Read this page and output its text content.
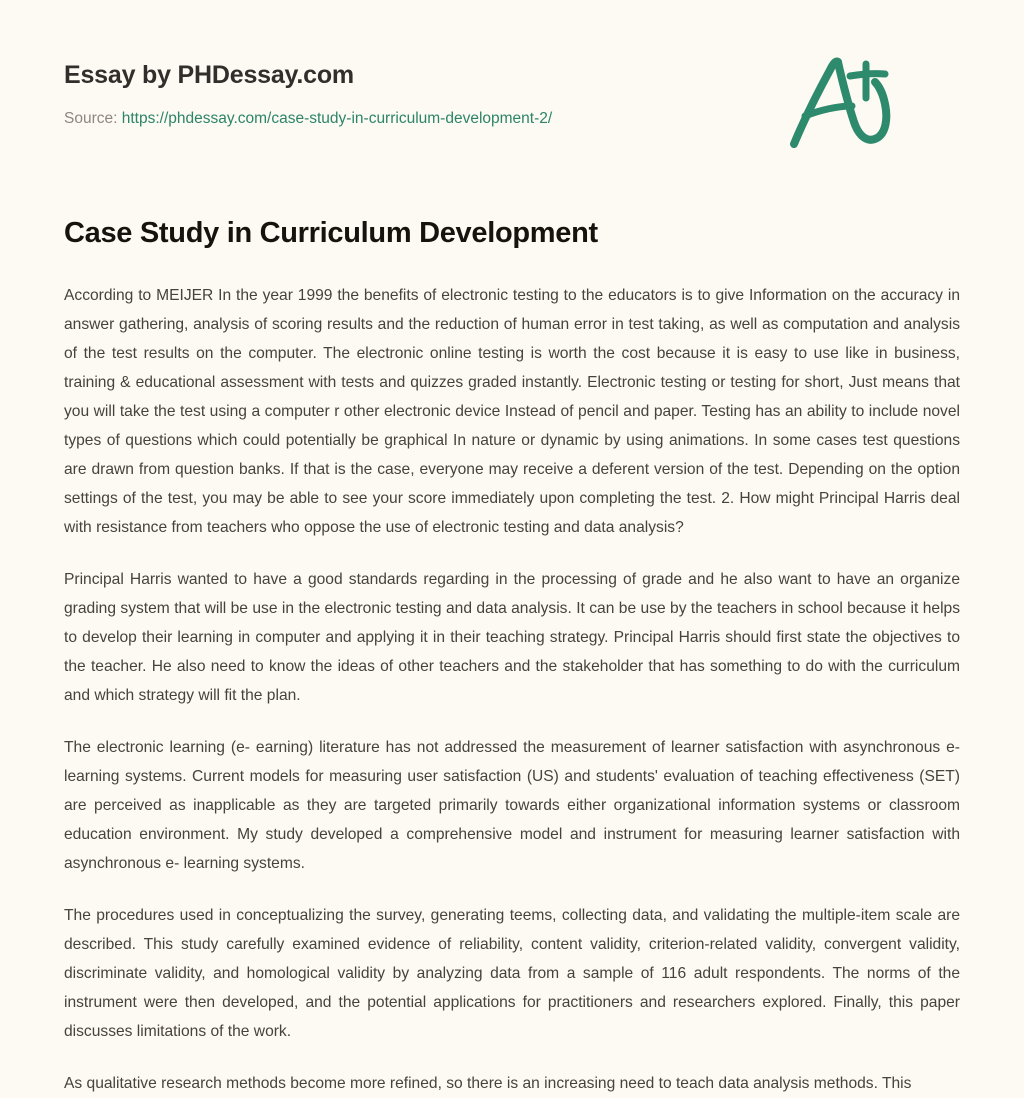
Essay by PHDessay.com
Source: https://phdessay.com/case-study-in-curriculum-development-2/
Case Study in Curriculum Development

According to MEIJER In the year 1999 the benefits of electronic testing to the educators is to give Information on the accuracy in answer gathering, analysis of scoring results and the reduction of human error in test taking, as well as computation and analysis of the test results on the computer. The electronic online testing is worth the cost because it is easy to use like in business, training & educational assessment with tests and quizzes graded instantly. Electronic testing or testing for short, Just means that you will take the test using a computer r other electronic device Instead of pencil and paper. Testing has an ability to include novel types of questions which could potentially be graphical In nature or dynamic by using animations. In some cases test questions are drawn from question banks. If that is the case, everyone may receive a deferent version of the test. Depending on the option settings of the test, you may be able to see your score immediately upon completing the test. 2. How might Principal Harris deal with resistance from teachers who oppose the use of electronic testing and data analysis?

Principal Harris wanted to have a good standards regarding in the processing of grade and he also want to have an organize grading system that will be use in the electronic testing and data analysis. It can be use by the teachers in school because it helps to develop their learning in computer and applying it in their teaching strategy. Principal Harris should first state the objectives to the teacher. He also need to know the ideas of other teachers and the stakeholder that has something to do with the curriculum and which strategy will fit the plan.

The electronic learning (e- earning) literature has not addressed the measurement of learner satisfaction with asynchronous e-learning systems. Current models for measuring user satisfaction (US) and students' evaluation of teaching effectiveness (SET) are perceived as inapplicable as they are targeted primarily towards either organizational information systems or classroom education environment. My study developed a comprehensive model and instrument for measuring learner satisfaction with asynchronous e- learning systems.

The procedures used in conceptualizing the survey, generating teems, collecting data, and validating the multiple-item scale are described. This study carefully examined evidence of reliability, content validity, criterion-related validity, convergent validity, discriminate validity, and homological validity by analyzing data from a sample of 116 adult respondents. The norms of the instrument were then developed, and the potential applications for practitioners and researchers explored. Finally, this paper discusses limitations of the work.

As qualitative research methods become more refined, so there is an increasing need to teach data analysis methods. This
